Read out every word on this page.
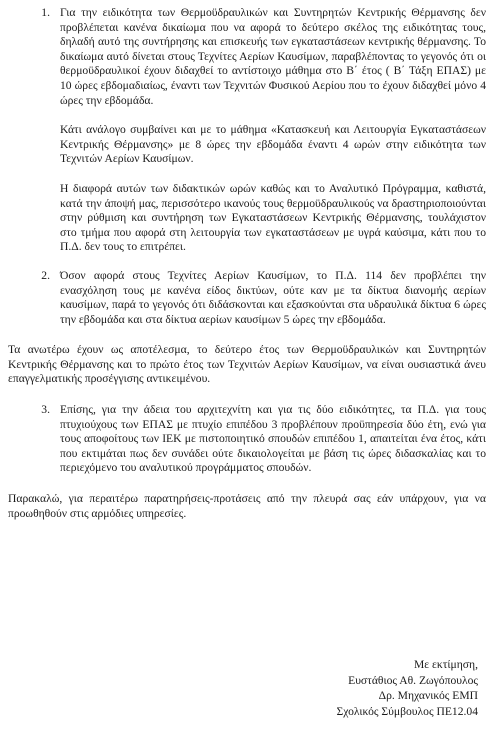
1. Για την ειδικότητα των Θερμοϋδραυλικών και Συντηρητών Κεντρικής Θέρμανσης δεν προβλέπεται κανένα δικαίωμα που να αφορά το δεύτερο σκέλος της ειδικότητας τους, δηλαδή αυτό της συντήρησης και επισκευής των εγκαταστάσεων κεντρικής θέρμανσης. Το δικαίωμα αυτό δίνεται στους Τεχνίτες Αερίων Καυσίμων, παραβλέποντας το γεγονός ότι οι θερμοϋδραυλικοί έχουν διδαχθεί το αντίστοιχο μάθημα στο Β΄ έτος ( Β΄ Τάξη ΕΠΑΣ) με 10 ώρες εβδομαδιαίως, έναντι των Τεχνιτών Φυσικού Αερίου που το έχουν διδαχθεί μόνο 4 ώρες την εβδομάδα.

Κάτι ανάλογο συμβαίνει και με το μάθημα «Κατασκευή και Λειτουργία Εγκαταστάσεων Κεντρικής Θέρμανσης» με 8 ώρες την εβδομάδα έναντι 4 ωρών στην ειδικότητα των Τεχνιτών Αερίων Καυσίμων.

Η διαφορά αυτών των διδακτικών ωρών καθώς και το Αναλυτικό Πρόγραμμα, καθιστά, κατά την άποψή μας, περισσότερο ικανούς τους θερμοϋδραυλικούς να δραστηριοποιούνται στην ρύθμιση και συντήρηση των Εγκαταστάσεων Κεντρικής Θέρμανσης, τουλάχιστον στο τμήμα που αφορά στη λειτουργία των εγκαταστάσεων με υγρά καύσιμα, κάτι που το Π.Δ. δεν τους το επιτρέπει.

2. Όσον αφορά στους Τεχνίτες Αερίων Καυσίμων, το Π.Δ. 114 δεν προβλέπει την ενασχόληση τους με κανένα είδος δικτύων, ούτε καν με τα δίκτυα διανομής αερίων καυσίμων, παρά το γεγονός ότι διδάσκονται και εξασκούνται στα υδραυλικά δίκτυα 6 ώρες την εβδομάδα και στα δίκτυα αερίων καυσίμων 5 ώρες την εβδομάδα.

Τα ανωτέρω έχουν ως αποτέλεσμα, το δεύτερο έτος των Θερμοϋδραυλικών και Συντηρητών Κεντρικής Θέρμανσης και το πρώτο έτος των Τεχνιτών Αερίων Καυσίμων, να είναι ουσιαστικά άνευ επαγγελματικής προσέγγισης αντικειμένου.

3. Επίσης, για την άδεια του αρχιτεχνίτη και για τις δύο ειδικότητες, τα Π.Δ. για τους πτυχιούχους των ΕΠΑΣ με πτυχίο επιπέδου 3 προβλέπουν προϋπηρεσία δύο έτη, ενώ για τους αποφοίτους των ΙΕΚ με πιστοποιητικό σπουδών επιπέδου 1, απαιτείται ένα έτος, κάτι που εκτιμάται πως δεν συνάδει ούτε δικαιολογείται με βάση τις ώρες διδασκαλίας και το περιεχόμενο του αναλυτικού προγράμματος σπουδών.

Παρακαλώ, για περαιτέρω παρατηρήσεις-προτάσεις από την πλευρά σας εάν υπάρχουν, για να προωθηθούν στις αρμόδιες υπηρεσίες.

Με εκτίμηση,
Ευστάθιος Αθ. Ζωγόπουλος
Δρ. Μηχανικός ΕΜΠ
Σχολικός Σύμβουλος ΠΕ12.04
